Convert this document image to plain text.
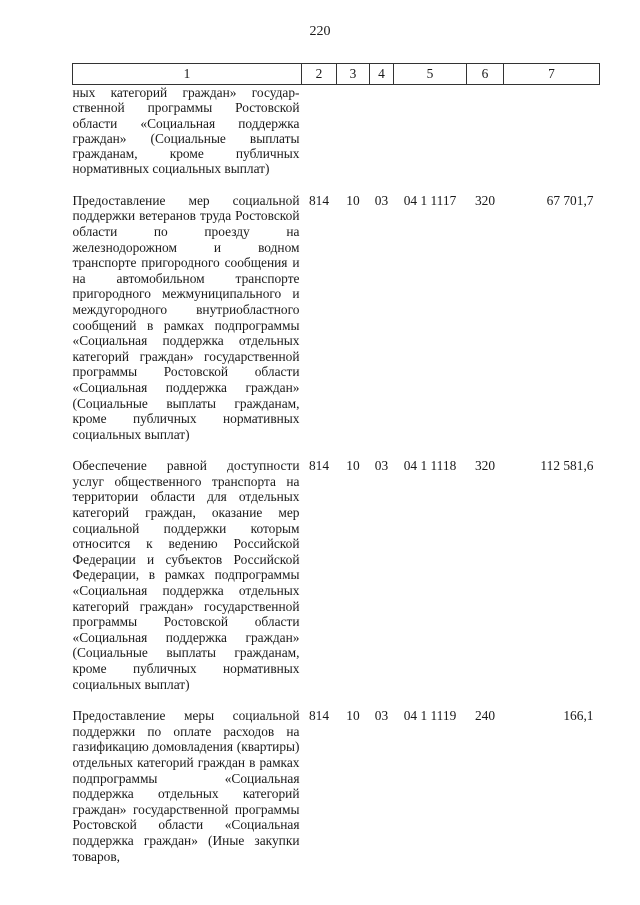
220
1	2	3	4	5	6	7
ных категорий граждан» государственной программы Ростовской области «Социальная поддержка граждан» (Социальные выплаты гражданам, кроме публичных нормативных социальных выплат)						

Предоставление мер социальной поддержки ветеранов труда Ростовской области по проезду на железнодорожном и водном транспорте пригородного сообщения и на автомобильном транспорте пригородного межмуниципального и междугородного внутриобластного сообщений в рамках подпрограммы «Социальная поддержка отдельных категорий граждан» государственной программы Ростовской области «Социальная поддержка граждан» (Социальные выплаты гражданам, кроме публичных нормативных социальных выплат)	814	10	03	04 1 1117	320	67 701,7

Обеспечение равной доступности услуг общественного транспорта на территории области для отдельных категорий граждан, оказание мер социальной поддержки которым относится к ведению Российской Федерации и субъектов Российской Федерации, в рамках подпрограммы «Социальная поддержка отдельных категорий граждан» государственной программы Ростовской области «Социальная поддержка граждан» (Социальные выплаты гражданам, кроме публичных нормативных социальных выплат)	814	10	03	04 1 1118	320	112 581,6

Предоставление меры социальной поддержки по оплате расходов на газификацию домовладения (квартиры) отдельных категорий граждан в рамках подпрограммы «Социальная поддержка отдельных категорий граждан» государственной программы Ростовской области «Социальная поддержка граждан» (Иные закупки товаров,	814	10	03	04 1 1119	240	166,1
